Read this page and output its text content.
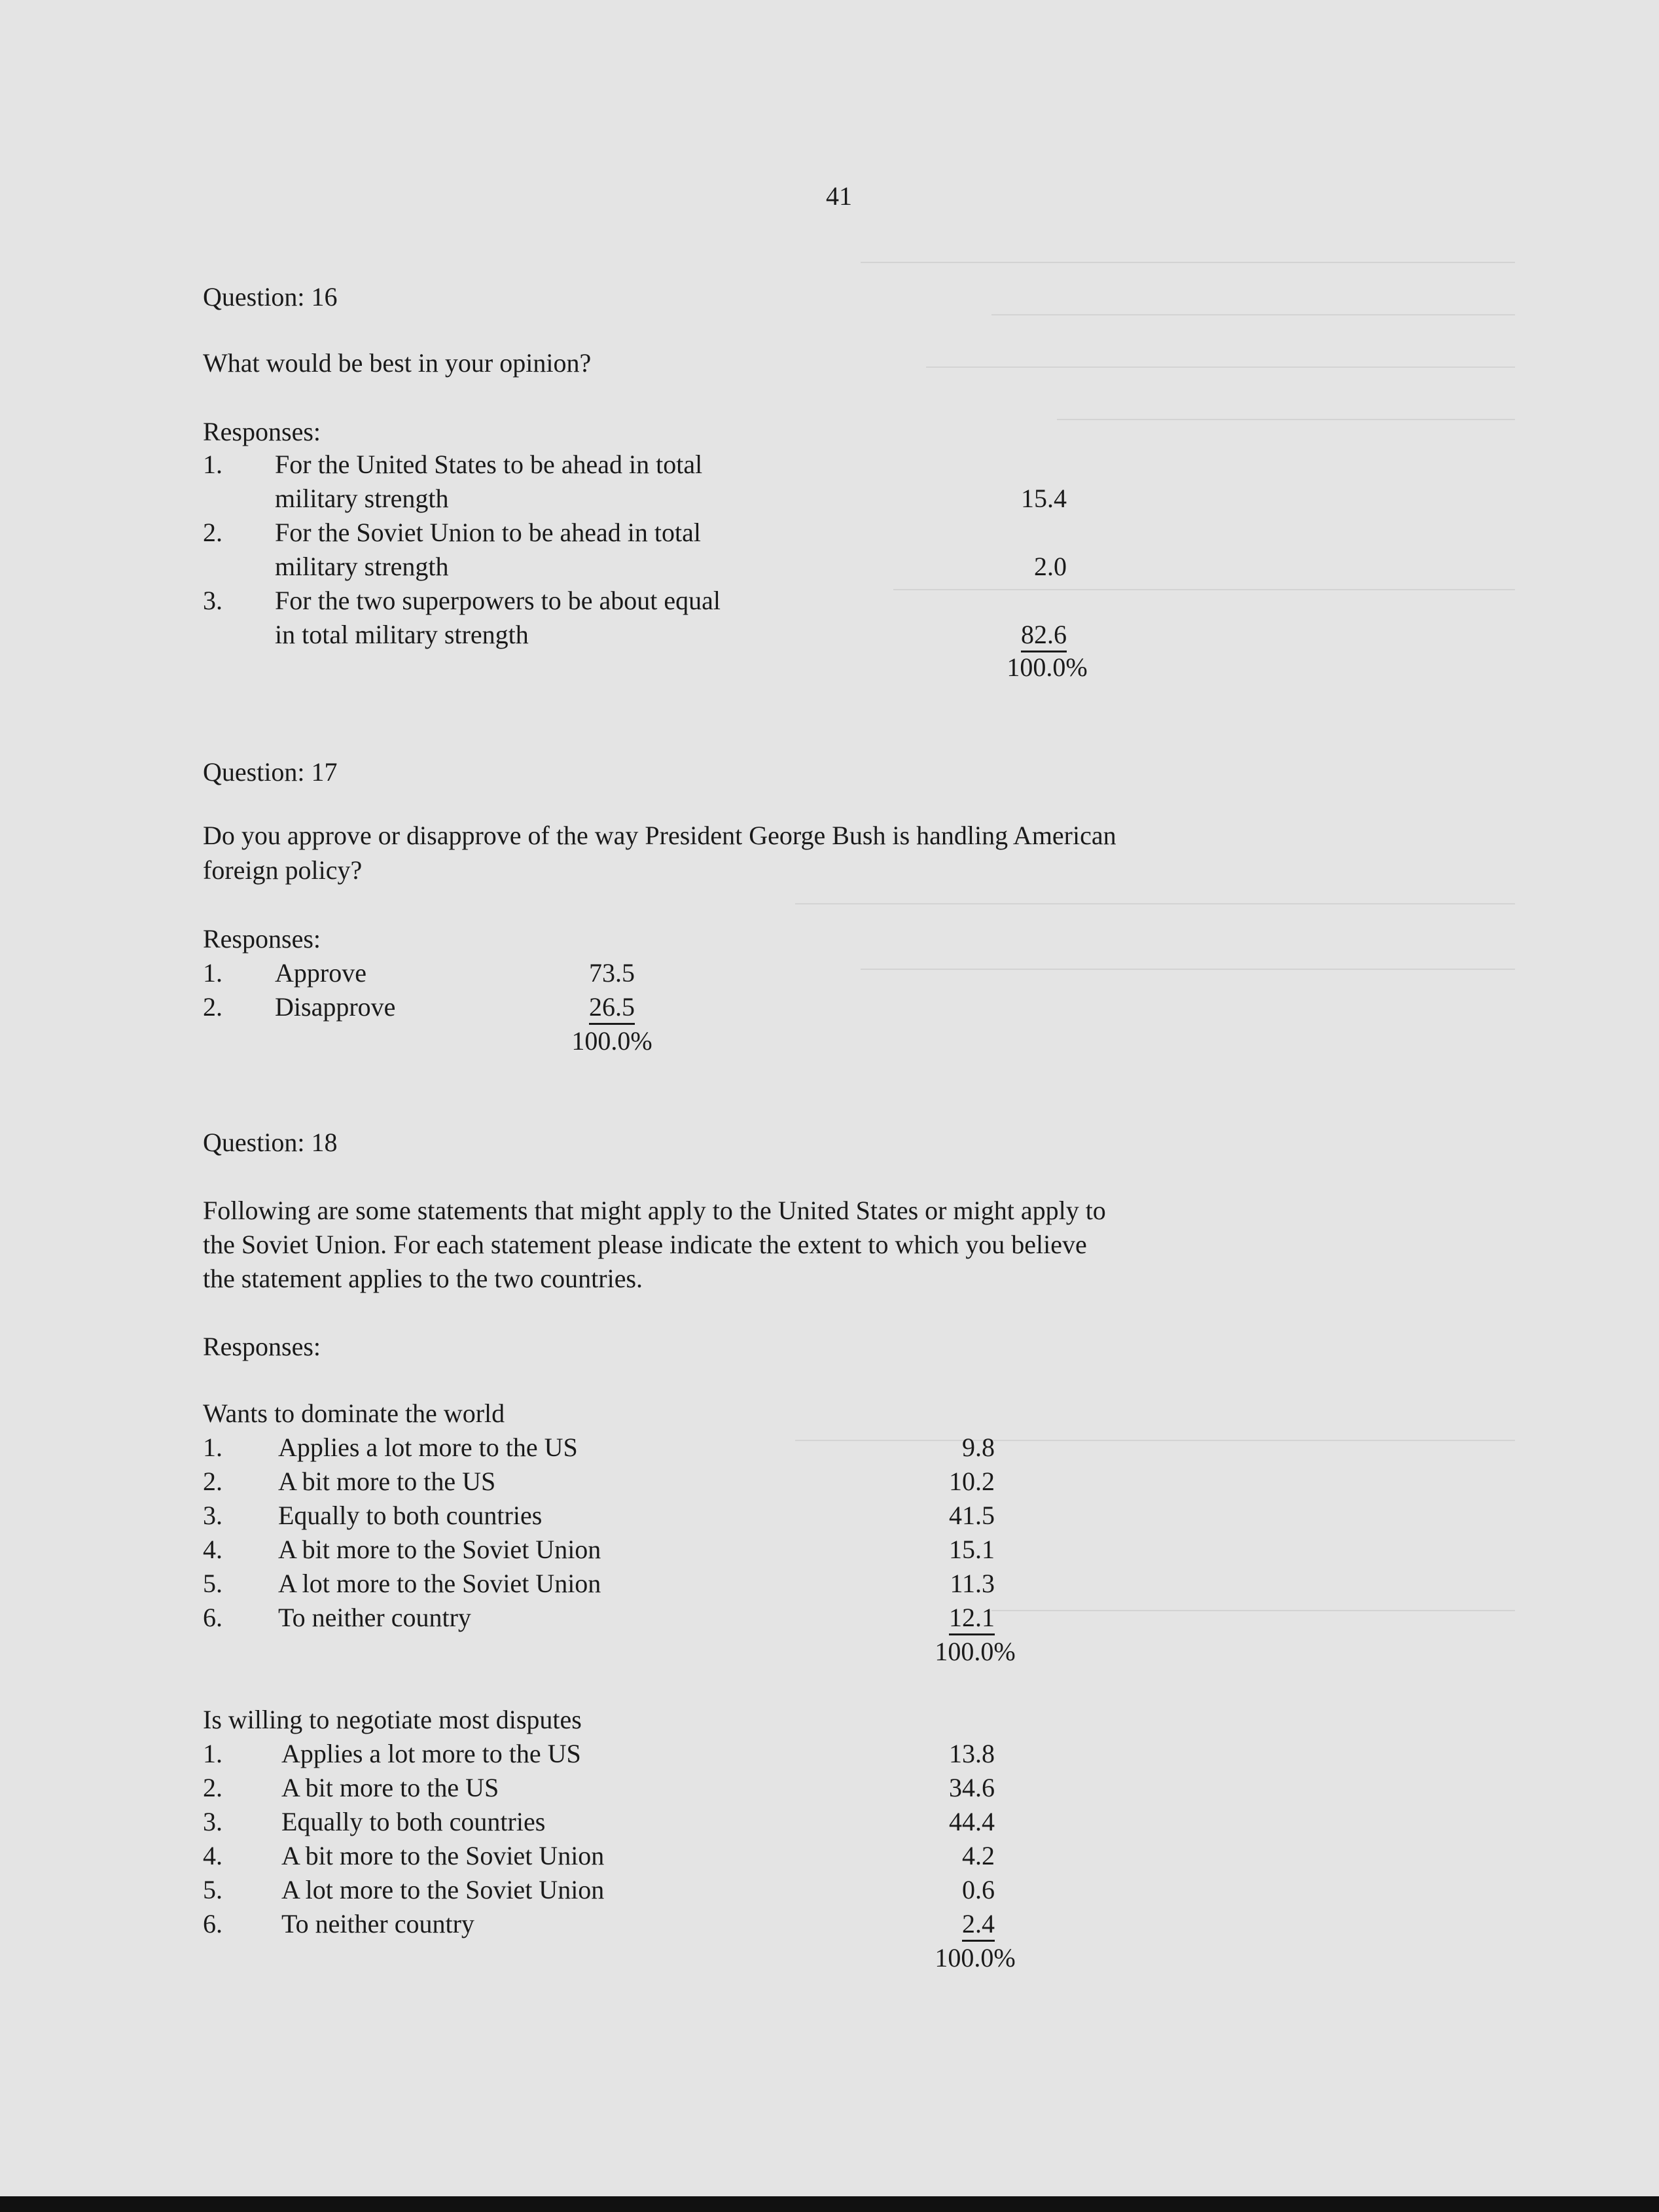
41
Question: 16
What would be best in your opinion?
Responses:
1. For the United States to be ahead in total
military strength	15.4
2. For the Soviet Union to be ahead in total
military strength	2.0
3. For the two superpowers to be about equal
in total military strength	82.6
100.0%
Question: 17
Do you approve or disapprove of the way President George Bush is handling American
foreign policy?
Responses:
1. Approve	73.5
2. Disapprove	26.5
100.0%
Question: 18
Following are some statements that might apply to the United States or might apply to
the Soviet Union. For each statement please indicate the extent to which you believe
the statement applies to the two countries.
Responses:
Wants to dominate the world
1. Applies a lot more to the US	9.8
2. A bit more to the US	10.2
3. Equally to both countries	41.5
4. A bit more to the Soviet Union	15.1
5. A lot more to the Soviet Union	11.3
6. To neither country	12.1
100.0%
Is willing to negotiate most disputes
1. Applies a lot more to the US	13.8
2. A bit more to the US	34.6
3. Equally to both countries	44.4
4. A bit more to the Soviet Union	4.2
5. A lot more to the Soviet Union	0.6
6. To neither country	2.4
100.0%
